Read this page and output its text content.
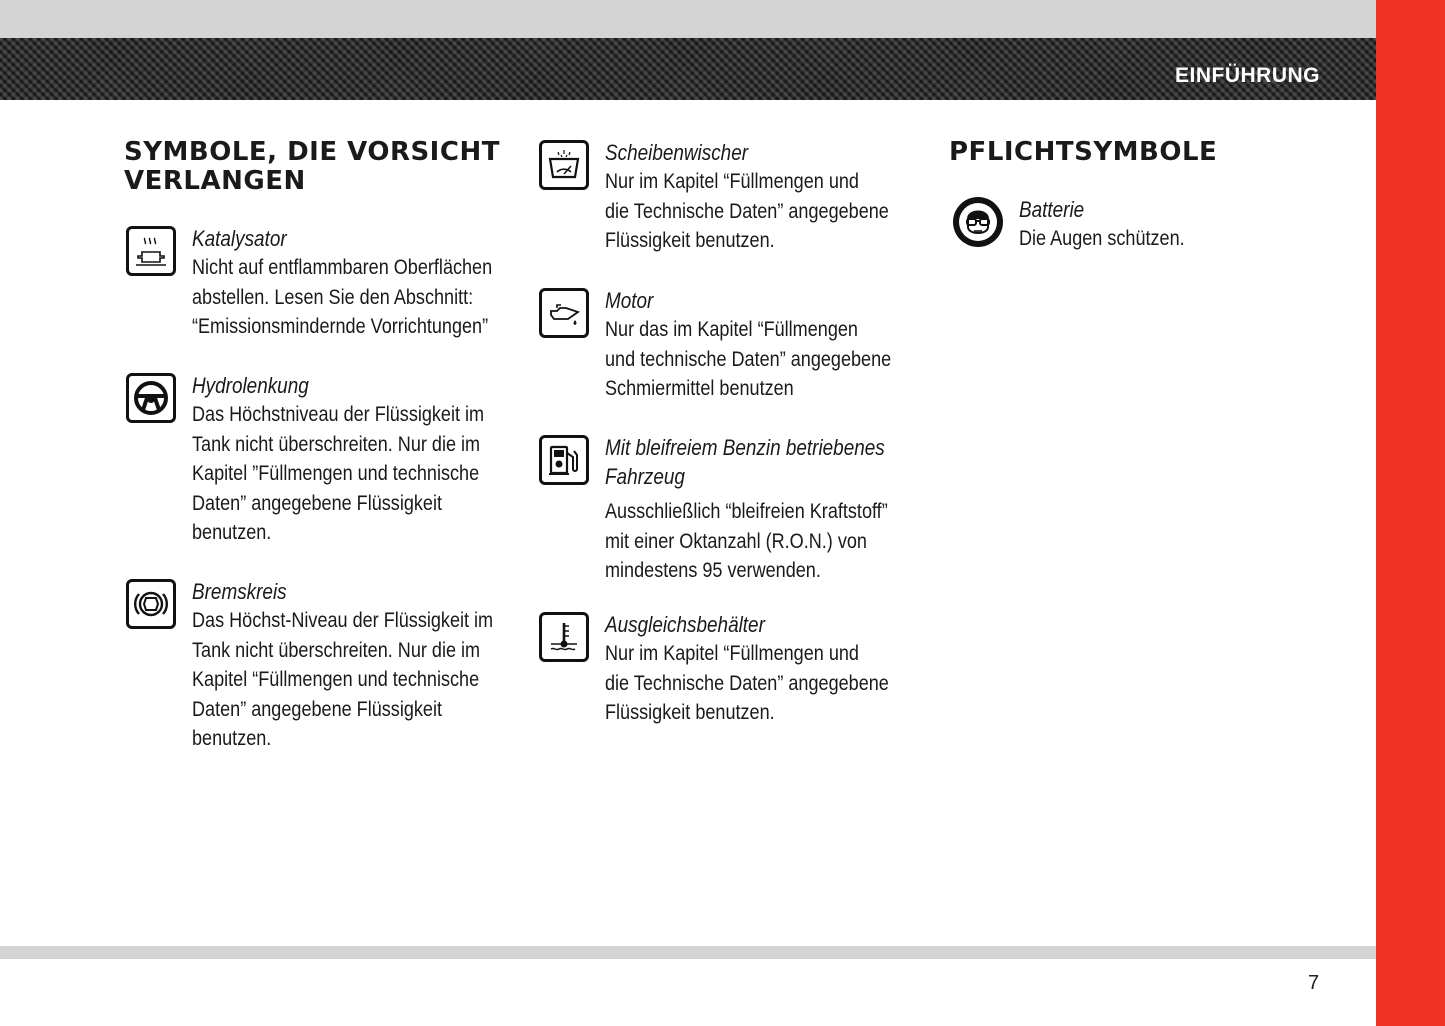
EINFÜHRUNG
7
SYMBOLE, DIE VORSICHT
VERLANGEN
Katalysator
Nicht auf entflammbaren Oberflächen
abstellen. Lesen Sie den Abschnitt:
“Emissionsmindernde Vorrichtungen”
Hydrolenkung
Das Höchstniveau der Flüssigkeit im
Tank nicht überschreiten. Nur die im
Kapitel ”Füllmengen und technische
Daten” angegebene Flüssigkeit
benutzen.
Bremskreis
Das Höchst-Niveau der Flüssigkeit im
Tank nicht überschreiten. Nur die im
Kapitel “Füllmengen und technische
Daten” angegebene Flüssigkeit
benutzen.
Scheibenwischer
Nur im Kapitel “Füllmengen und
die Technische Daten” angegebene
Flüssigkeit benutzen.
Motor
Nur das im Kapitel “Füllmengen
und technische Daten” angegebene
Schmiermittel benutzen
Mit bleifreiem Benzin betriebenes
Fahrzeug
Ausschließlich “bleifreien Kraftstoff”
mit einer Oktanzahl (R.O.N.) von
mindestens 95 verwenden.
Ausgleichsbehälter
Nur im Kapitel “Füllmengen und
die Technische Daten” angegebene
Flüssigkeit benutzen.
PFLICHTSYMBOLE
Batterie
Die Augen schützen.
